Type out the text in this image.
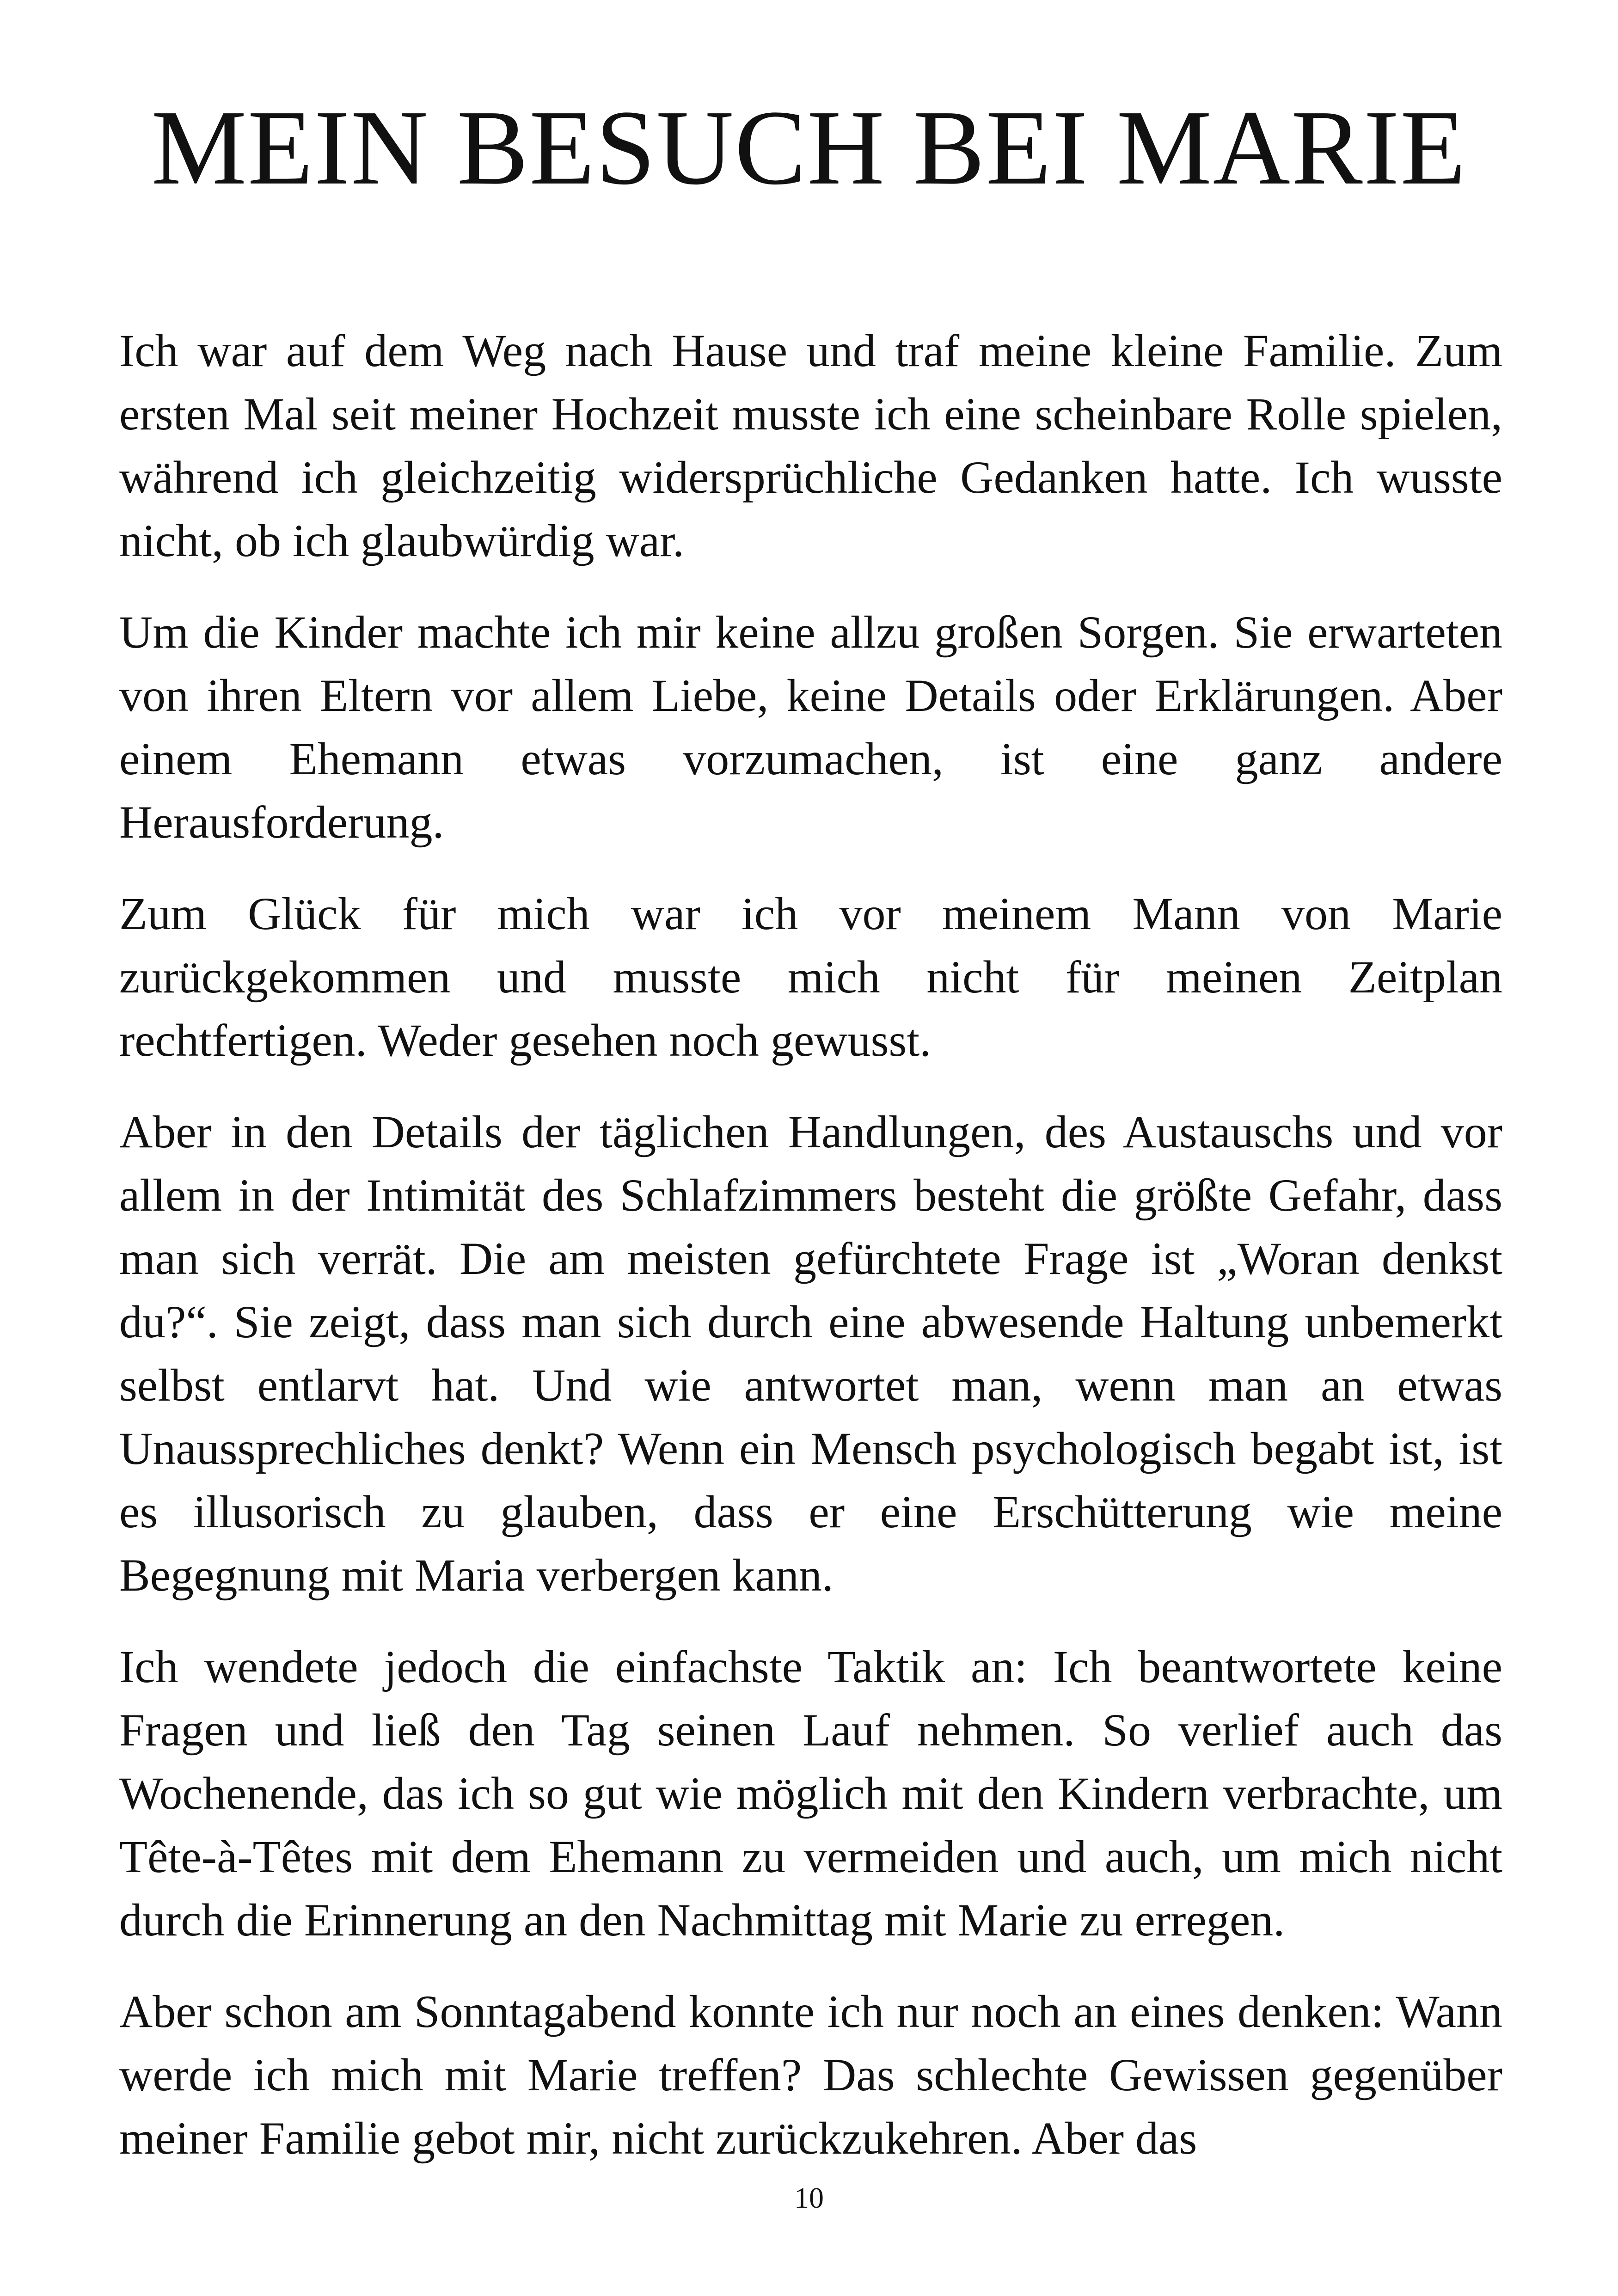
MEIN BESUCH BEI MARIE

Ich war auf dem Weg nach Hause und traf meine kleine Familie. Zum ersten Mal seit meiner Hochzeit musste ich eine scheinbare Rolle spielen, während ich gleichzeitig widersprüchliche Gedanken hatte. Ich wusste nicht, ob ich glaubwürdig war.

Um die Kinder machte ich mir keine allzu großen Sorgen. Sie erwarteten von ihren Eltern vor allem Liebe, keine Details oder Erklärungen. Aber einem Ehemann etwas vorzumachen, ist eine ganz andere Herausforderung.

Zum Glück für mich war ich vor meinem Mann von Marie zurückgekommen und musste mich nicht für meinen Zeitplan rechtfertigen. Weder gesehen noch gewusst.

Aber in den Details der täglichen Handlungen, des Austauschs und vor allem in der Intimität des Schlafzimmers besteht die größte Gefahr, dass man sich verrät. Die am meisten gefürchtete Frage ist „Woran denkst du?“. Sie zeigt, dass man sich durch eine abwesende Haltung unbemerkt selbst entlarvt hat. Und wie antwortet man, wenn man an etwas Unaussprechliches denkt? Wenn ein Mensch psychologisch begabt ist, ist es illusorisch zu glauben, dass er eine Erschütterung wie meine Begegnung mit Maria verbergen kann.

Ich wendete jedoch die einfachste Taktik an: Ich beantwortete keine Fragen und ließ den Tag seinen Lauf nehmen. So verlief auch das Wochenende, das ich so gut wie möglich mit den Kindern verbrachte, um Tête-à-Têtes mit dem Ehemann zu vermeiden und auch, um mich nicht durch die Erinnerung an den Nachmittag mit Marie zu erregen.

Aber schon am Sonntagabend konnte ich nur noch an eines denken: Wann werde ich mich mit Marie treffen? Das schlechte Gewissen gegenüber meiner Familie gebot mir, nicht zurückzukehren. Aber das

10
